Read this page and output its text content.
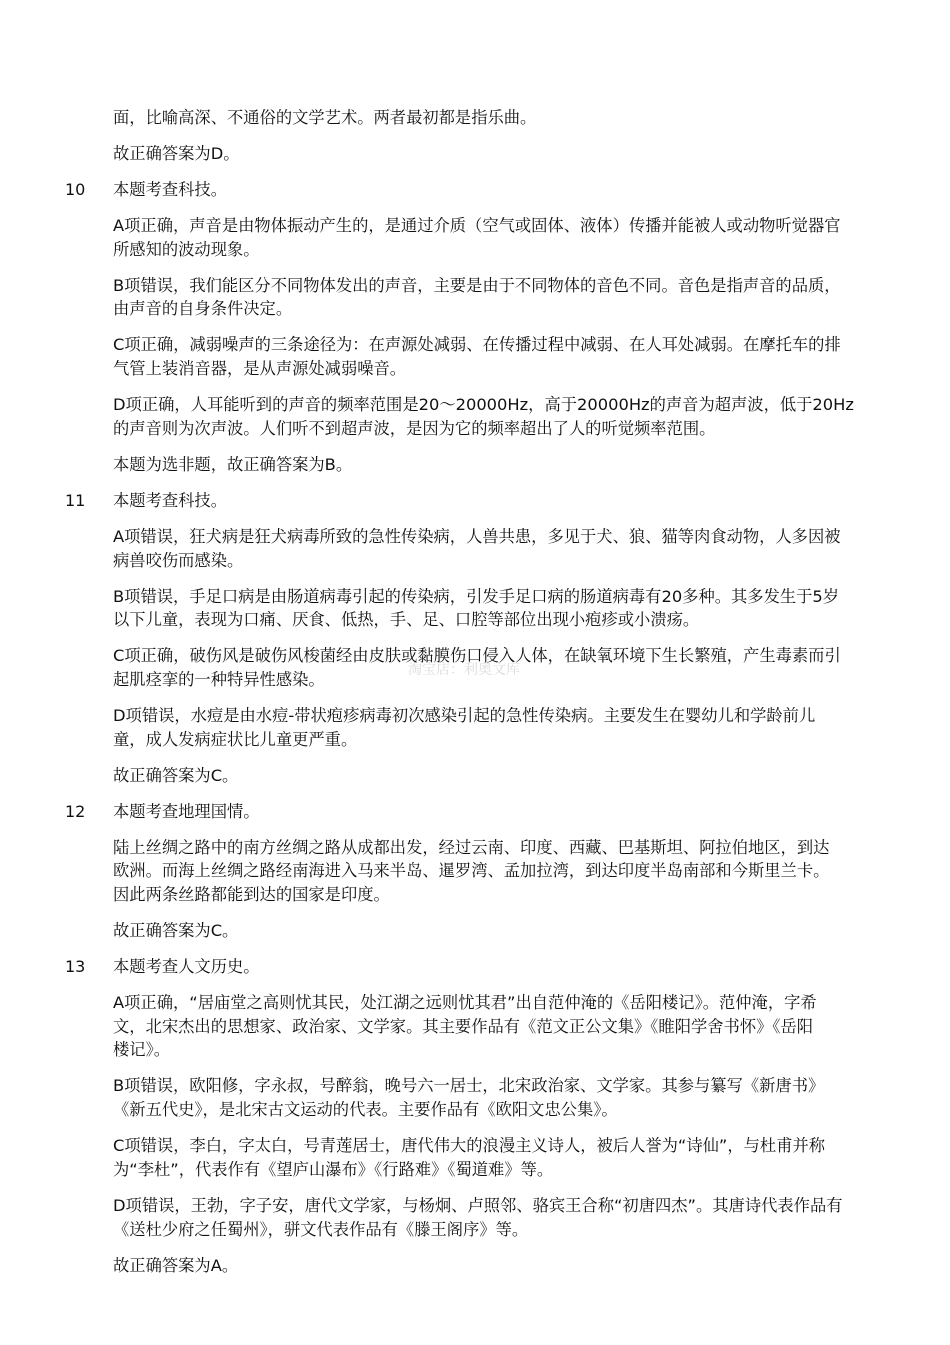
面，比喻高深、不通俗的文学艺术。两者最初都是指乐曲。
故正确答案为D。
10 本题考查科技。
A项正确，声音是由物体振动产生的，是通过介质（空气或固体、液体）传播并能被人或动物听觉器官
所感知的波动现象。
B项错误，我们能区分不同物体发出的声音，主要是由于不同物体的音色不同。音色是指声音的品质，
由声音的自身条件决定。
C项正确，减弱噪声的三条途径为：在声源处减弱、在传播过程中减弱、在人耳处减弱。在摩托车的排
气管上装消音器，是从声源处减弱噪音。
D项正确，人耳能听到的声音的频率范围是20～20000Hz，高于20000Hz的声音为超声波，低于20Hz
的声音则为次声波。人们听不到超声波，是因为它的频率超出了人的听觉频率范围。
本题为选非题，故正确答案为B。
11 本题考查科技。
A项错误，狂犬病是狂犬病毒所致的急性传染病，人兽共患，多见于犬、狼、猫等肉食动物，人多因被
病兽咬伤而感染。
B项错误，手足口病是由肠道病毒引起的传染病，引发手足口病的肠道病毒有20多种。其多发生于5岁
以下儿童，表现为口痛、厌食、低热，手、足、口腔等部位出现小疱疹或小溃疡。
C项正确，破伤风是破伤风梭菌经由皮肤或黏膜伤口侵入人体，在缺氧环境下生长繁殖，产生毒素而引
起肌痉挛的一种特异性感染。
D项错误，水痘是由水痘-带状疱疹病毒初次感染引起的急性传染病。主要发生在婴幼儿和学龄前儿
童，成人发病症状比儿童更严重。
故正确答案为C。
12 本题考查地理国情。
陆上丝绸之路中的南方丝绸之路从成都出发，经过云南、印度、西藏、巴基斯坦、阿拉伯地区，到达
欧洲。而海上丝绸之路经南海进入马来半岛、暹罗湾、孟加拉湾，到达印度半岛南部和今斯里兰卡。
因此两条丝路都能到达的国家是印度。
故正确答案为C。
13 本题考查人文历史。
A项正确，“居庙堂之高则忧其民，处江湖之远则忧其君”出自范仲淹的《岳阳楼记》。范仲淹，字希
文，北宋杰出的思想家、政治家、文学家。其主要作品有《范文正公文集》《睢阳学舍书怀》《岳阳
楼记》。
B项错误，欧阳修，字永叔，号醉翁，晚号六一居士，北宋政治家、文学家。其参与纂写《新唐书》
《新五代史》，是北宋古文运动的代表。主要作品有《欧阳文忠公集》。
C项错误，李白，字太白，号青莲居士，唐代伟大的浪漫主义诗人，被后人誉为“诗仙”，与杜甫并称
为“李杜”，代表作有《望庐山瀑布》《行路难》《蜀道难》等。
D项错误，王勃，字子安，唐代文学家，与杨炯、卢照邻、骆宾王合称“初唐四杰”。其唐诗代表作品有
《送杜少府之任蜀州》，骈文代表作品有《滕王阁序》等。
故正确答案为A。
淘宝店：利奥文库
